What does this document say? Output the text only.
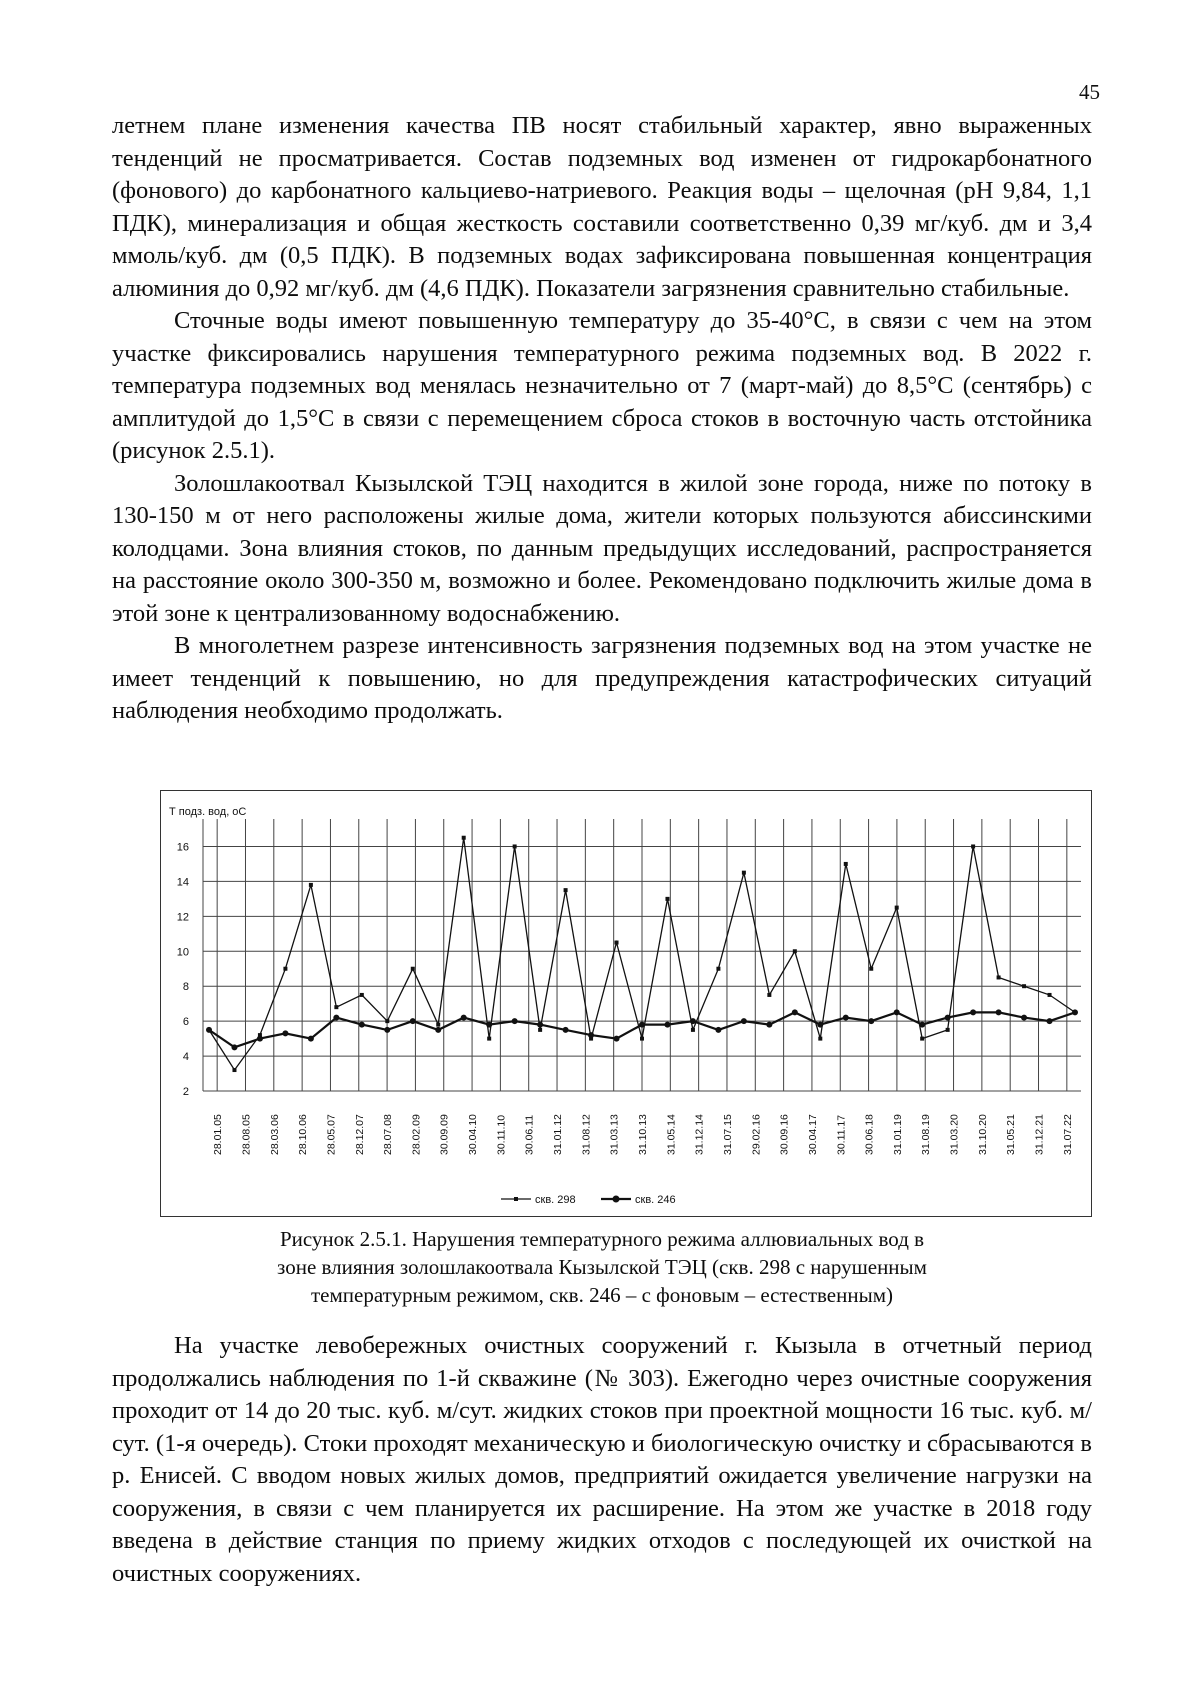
45

летнем плане изменения качества ПВ носят стабильный характер, явно выраженных тенденций не просматривается. Состав подземных вод изменен от гидрокарбонатного (фонового) до карбонатного кальциево-натриевого. Реакция воды – щелочная (рН 9,84, 1,1 ПДК), минерализация и общая жесткость составили соответственно 0,39 мг/куб. дм и 3,4 ммоль/куб. дм (0,5 ПДК). В подземных водах зафиксирована повышенная концентрация алюминия до 0,92 мг/куб. дм (4,6 ПДК). Показатели загрязнения сравнительно стабильные.

Сточные воды имеют повышенную температуру до 35-40°С, в связи с чем на этом участке фиксировались нарушения температурного режима подземных вод. В 2022 г. температура подземных вод менялась незначительно от 7 (март-май) до 8,5°С (сентябрь) с амплитудой до 1,5°С в связи с перемещением сброса стоков в восточную часть отстойника (рисунок 2.5.1).

Золошлакоотвал Кызылской ТЭЦ находится в жилой зоне города, ниже по потоку в 130-150 м от него расположены жилые дома, жители которых пользуются абиссинскими колодцами. Зона влияния стоков, по данным предыдущих исследований, распространяется на расстояние около 300-350 м, возможно и более. Рекомендовано подключить жилые дома в этой зоне к централизованному водоснабжению.

В многолетнем разрезе интенсивность загрязнения подземных вод на этом участке не имеет тенденций к повышению, но для предупреждения катастрофических ситуаций наблюдения необходимо продолжать.

Т подз. вод, оС
2
4
6
8
10
12
14
16
28.01.05 28.08.05 28.03.06 28.10.06 28.05.07 28.12.07 28.07.08 28.02.09 30.09.09 30.04.10 30.11.10 30.06.11 31.01.12 31.08.12 31.03.13 31.10.13 31.05.14 31.12.14 31.07.15 29.02.16 30.09.16 30.04.17 30.11.17 30.06.18 31.01.19 31.08.19 31.03.20 31.10.20 31.05.21 31.12.21 31.07.22
скв. 298	скв. 246
Рисунок 2.5.1. Нарушения температурного режима аллювиальных вод в
зоне влияния золошлакоотвала Кызылской ТЭЦ (скв. 298 с нарушенным
температурным режимом, скв. 246 – с фоновым – естественным)

На участке левобережных очистных сооружений г. Кызыла в отчетный период продолжались наблюдения по 1-й скважине (№ 303). Ежегодно через очистные сооружения проходит от 14 до 20 тыс. куб. м/сут. жидких стоков при проектной мощности 16 тыс. куб. м/сут. (1-я очередь). Стоки проходят механическую и биологическую очистку и сбрасываются в р. Енисей. С вводом новых жилых домов, предприятий ожидается увеличение нагрузки на сооружения, в связи с чем планируется их расширение. На этом же участке в 2018 году введена в действие станция по приему жидких отходов с последующей их очисткой на очистных сооружениях.
